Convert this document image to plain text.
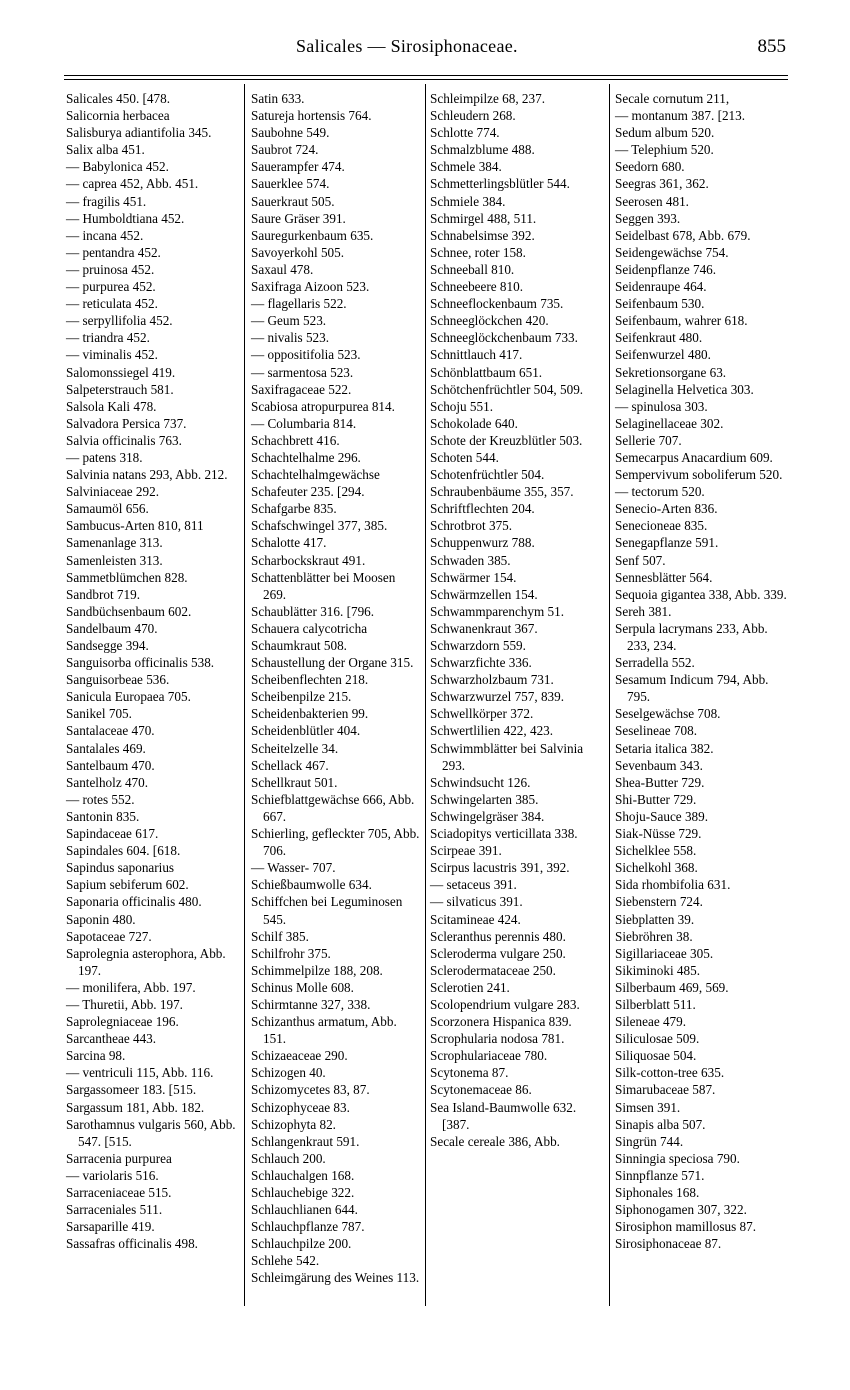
Salicales — Sirosiphonaceae.	855
Salicales 450. [478.
Salicornia herbacea
Salisburya adiantifolia 345.
Salix alba 451.
— Babylonica 452.
— caprea 452, Abb. 451.
— fragilis 451.
— Humboldtiana 452.
— incana 452.
— pentandra 452.
— pruinosa 452.
— purpurea 452.
— reticulata 452.
— serpyllifolia 452.
— triandra 452.
— viminalis 452.
Salomonssiegel 419.
Salpeterstrauch 581.
Salsola Kali 478.
Salvadora Persica 737.
Salvia officinalis 763.
— patens 318.
Salvinia natans 293, Abb. 212.
Salviniaceae 292.
Samaumöl 656.
Sambucus-Arten 810, 811
Samenanlage 313.
Samenleisten 313.
Sammetblümchen 828.
Sandbrot 719.
Sandbüchsenbaum 602.
Sandelbaum 470.
Sandsegge 394.
Sanguisorba officinalis 538.
Sanguisorbeae 536.
Sanicula Europaea 705.
Sanikel 705.
Santalaceae 470.
Santalales 469.
Santelbaum 470.
Santelholz 470.
— rotes 552.
Santonin 835.
Sapindaceae 617.
Sapindales 604. [618.
Sapindus saponarius
Sapium sebiferum 602.
Saponaria officinalis 480.
Saponin 480.
Sapotaceae 727.
Saprolegnia asterophora, Abb. 197.
— monilifera, Abb. 197.
— Thuretii, Abb. 197.
Saprolegniaceae 196.
Sarcantheae 443.
Sarcina 98.
— ventriculi 115, Abb. 116.
Sargassomeer 183. [515.
Sargassum 181, Abb. 182.
Sarothamnus vulgaris 560, Abb. 547. [515.
Sarracenia purpurea
— variolaris 516.
Sarraceniaceae 515.
Sarraceniales 511.
Sarsaparille 419.
Sassafras officinalis 498.
Satin 633.
Satureja hortensis 764.
Saubohne 549.
Saubrot 724.
Sauerampfer 474.
Sauerklee 574.
Sauerkraut 505.
Saure Gräser 391.
Sauregurkenbaum 635.
Savoyerkohl 505.
Saxaul 478.
Saxifraga Aizoon 523.
— flagellaris 522.
— Geum 523.
— nivalis 523.
— oppositifolia 523.
— sarmentosa 523.
Saxifragaceae 522.
Scabiosa atropurpurea 814.
— Columbaria 814.
Schachbrett 416.
Schachtelhalme 296.
Schachtelhalmgewächse
Schafeuter 235. [294.
Schafgarbe 835.
Schafschwingel 377, 385.
Schalotte 417.
Scharbockskraut 491.
Schattenblätter bei Moosen 269.
Schaublätter 316. [796.
Schauera calycotricha
Schaumkraut 508.
Schaustellung der Organe 315.
Scheibenflechten 218.
Scheibenpilze 215.
Scheidenbakterien 99.
Scheidenblütler 404.
Scheitelzelle 34.
Schellack 467.
Schellkraut 501.
Schiefblattgewächse 666, Abb. 667.
Schierling, gefleckter 705, Abb. 706.
— Wasser- 707.
Schießbaumwolle 634.
Schiffchen bei Leguminosen 545.
Schilf 385.
Schilfrohr 375.
Schimmelpilze 188, 208.
Schinus Molle 608.
Schirmtanne 327, 338.
Schizanthus armatum, Abb. 151.
Schizaeaceae 290.
Schizogen 40.
Schizomycetes 83, 87.
Schizophyceae 83.
Schizophyta 82.
Schlangenkraut 591.
Schlauch 200.
Schlauchalgen 168.
Schlauchebige 322.
Schlauchlianen 644.
Schlauchpflanze 787.
Schlauchpilze 200.
Schlehe 542.
Schleimgärung des Weines 113.
Schleimpilze 68, 237.
Schleudern 268.
Schlotte 774.
Schmalzblume 488.
Schmele 384.
Schmetterlingsblütler 544.
Schmiele 384.
Schmirgel 488, 511.
Schnabelsimse 392.
Schnee, roter 158.
Schneeball 810.
Schneebeere 810.
Schneeflockenbaum 735.
Schneeglöckchen 420.
Schneeglöckchenbaum 733.
Schnittlauch 417.
Schönblattbaum 651.
Schötchenfrüchtler 504, 509.
Schoju 551.
Schokolade 640.
Schote der Kreuzblütler 503.
Schoten 544.
Schotenfrüchtler 504.
Schraubenbäume 355, 357.
Schriftflechten 204.
Schrotbrot 375.
Schuppenwurz 788.
Schwaden 385.
Schwärmer 154.
Schwärmzellen 154.
Schwammparenchym 51.
Schwanenkraut 367.
Schwarzdorn 559.
Schwarzfichte 336.
Schwarzholzbaum 731.
Schwarzwurzel 757, 839.
Schwellkörper 372.
Schwertlilien 422, 423.
Schwimmblätter bei Salvinia 293.
Schwindsucht 126.
Schwingelarten 385.
Schwingelgräser 384.
Sciadopitys verticillata 338.
Scirpeae 391.
Scirpus lacustris 391, 392.
— setaceus 391.
— silvaticus 391.
Scitamineae 424.
Scleranthus perennis 480.
Scleroderma vulgare 250.
Sclerodermataceae 250.
Sclerotien 241.
Scolopendrium vulgare 283.
Scorzonera Hispanica 839.
Scrophularia nodosa 781.
Scrophulariaceae 780.
Scytonema 87.
Scytonemaceae 86.
Sea Island-Baumwolle 632. [387.
Secale cereale 386, Abb.
Secale cornutum 211,
— montanum 387. [213.
Sedum album 520.
— Telephium 520.
Seedorn 680.
Seegras 361, 362.
Seerosen 481.
Seggen 393.
Seidelbast 678, Abb. 679.
Seidengewächse 754.
Seidenpflanze 746.
Seidenraupe 464.
Seifenbaum 530.
Seifenbaum, wahrer 618.
Seifenkraut 480.
Seifenwurzel 480.
Sekretionsorgane 63.
Selaginella Helvetica 303.
— spinulosa 303.
Selaginellaceae 302.
Sellerie 707.
Semecarpus Anacardium 609.
Sempervivum soboliferum 520.
— tectorum 520.
Senecio-Arten 836.
Senecioneae 835.
Senegapflanze 591.
Senf 507.
Sennesblätter 564.
Sequoia gigantea 338, Abb. 339.
Sereh 381.
Serpula lacrymans 233, Abb. 233, 234.
Serradella 552.
Sesamum Indicum 794, Abb. 795.
Seselgewächse 708.
Seselineae 708.
Setaria italica 382.
Sevenbaum 343.
Shea-Butter 729.
Shi-Butter 729.
Shoju-Sauce 389.
Siak-Nüsse 729.
Sichelklee 558.
Sichelkohl 368.
Sida rhombifolia 631.
Siebenstern 724.
Siebplatten 39.
Siebröhren 38.
Sigillariaceae 305.
Sikiminoki 485.
Silberbaum 469, 569.
Silberblatt 511.
Sileneae 479.
Siliculosae 509.
Siliquosae 504.
Silk-cotton-tree 635.
Simarubaceae 587.
Simsen 391.
Sinapis alba 507.
Singrün 744.
Sinningia speciosa 790.
Sinnpflanze 571.
Siphonales 168.
Siphonogamen 307, 322.
Sirosiphon mamillosus 87.
Sirosiphonaceae 87.
